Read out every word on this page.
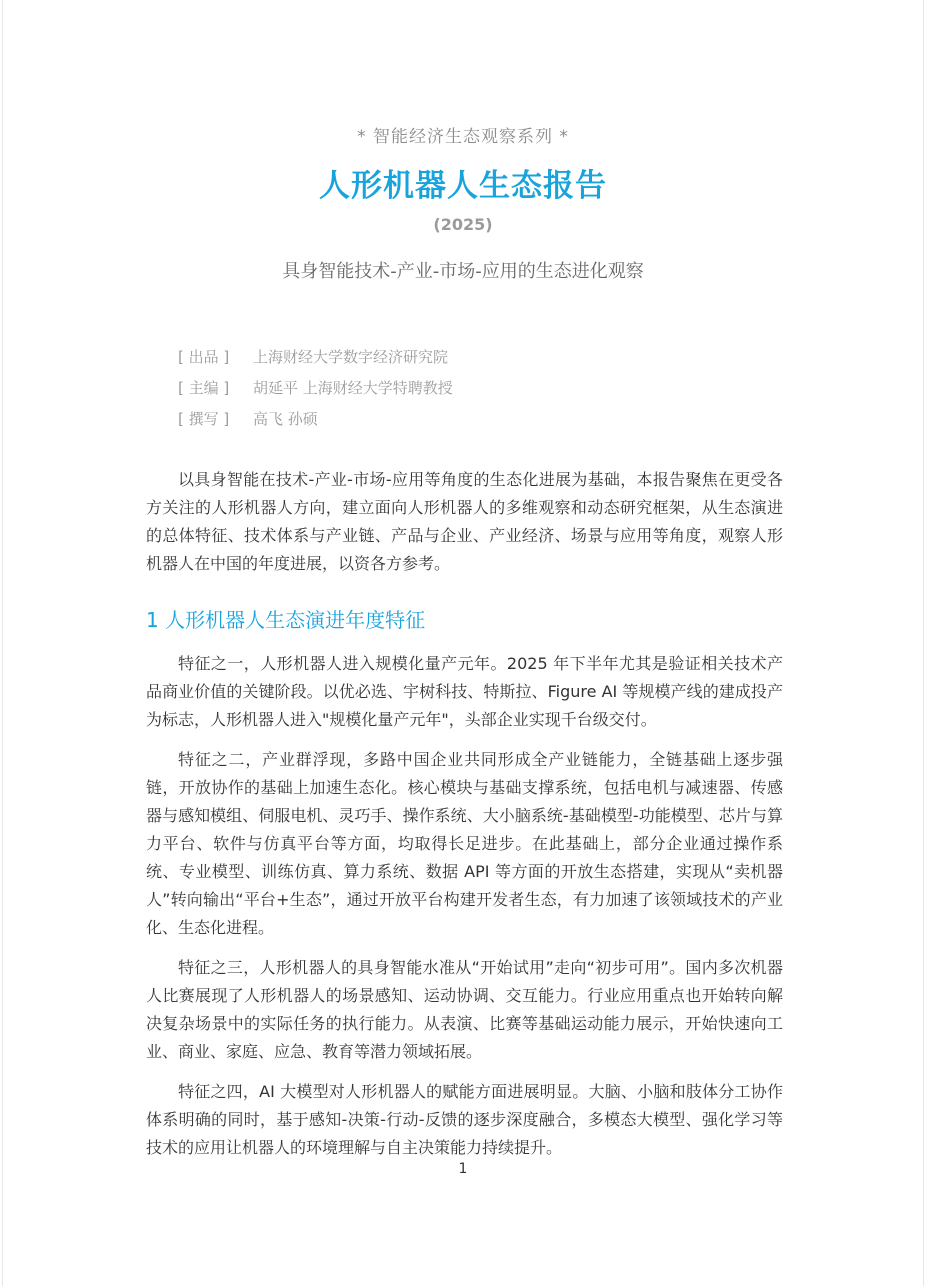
* 智能经济生态观察系列 *
人形机器人生态报告
(2025)
具身智能技术-产业-市场-应用的生态进化观察
[ 出品 ] 上海财经大学数字经济研究院
[ 主编 ] 胡延平 上海财经大学特聘教授
[ 撰写 ] 高飞 孙硕

以具身智能在技术-产业-市场-应用等角度的生态化进展为基础，本报告聚焦在更受各方关注的人形机器人方向，建立面向人形机器人的多维观察和动态研究框架，从生态演进的总体特征、技术体系与产业链、产品与企业、产业经济、场景与应用等角度，观察人形机器人在中国的年度进展，以资各方参考。

1 人形机器人生态演进年度特征

特征之一，人形机器人进入规模化量产元年。2025 年下半年尤其是验证相关技术产品商业价值的关键阶段。以优必选、宇树科技、特斯拉、Figure AI 等规模产线的建成投产为标志，人形机器人进入"规模化量产元年"，头部企业实现千台级交付。

特征之二，产业群浮现，多路中国企业共同形成全产业链能力，全链基础上逐步强链，开放协作的基础上加速生态化。核心模块与基础支撑系统，包括电机与减速器、传感器与感知模组、伺服电机、灵巧手、操作系统、大小脑系统-基础模型-功能模型、芯片与算力平台、软件与仿真平台等方面，均取得长足进步。在此基础上，部分企业通过操作系统、专业模型、训练仿真、算力系统、数据 API 等方面的开放生态搭建，实现从“卖机器人”转向输出“平台+生态”，通过开放平台构建开发者生态，有力加速了该领域技术的产业化、生态化进程。

特征之三，人形机器人的具身智能水准从“开始试用”走向“初步可用”。国内多次机器人比赛展现了人形机器人的场景感知、运动协调、交互能力。行业应用重点也开始转向解决复杂场景中的实际任务的执行能力。从表演、比赛等基础运动能力展示，开始快速向工业、商业、家庭、应急、教育等潜力领域拓展。

特征之四，AI 大模型对人形机器人的赋能方面进展明显。大脑、小脑和肢体分工协作体系明确的同时，基于感知-决策-行动-反馈的逐步深度融合，多模态大模型、强化学习等技术的应用让机器人的环境理解与自主决策能力持续提升。

1
